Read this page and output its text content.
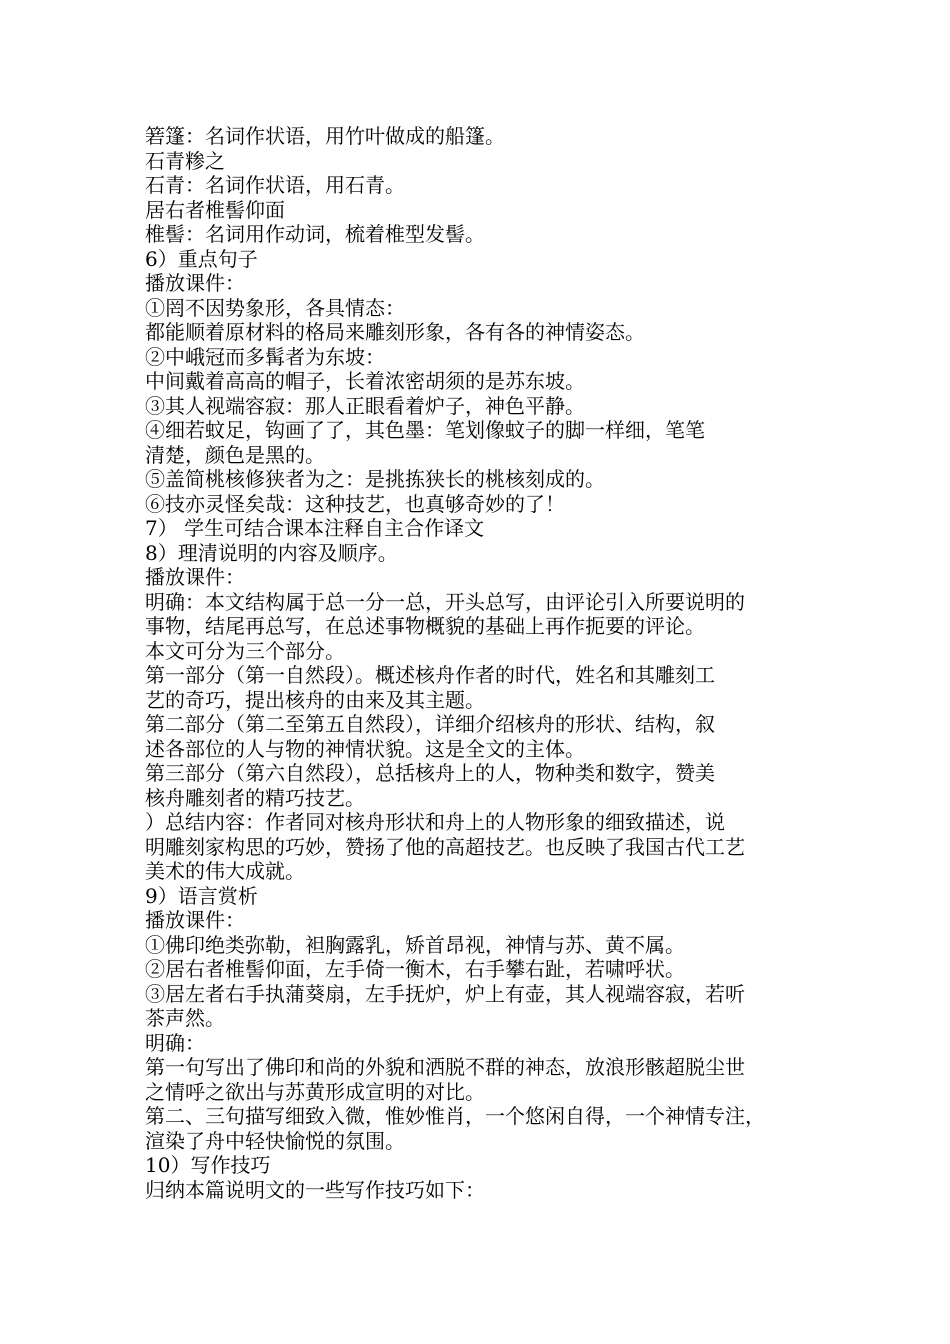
箬篷：名词作状语，用竹叶做成的船篷。
石青糁之
石青：名词作状语，用石青。
居右者椎髻仰面
椎髻：名词用作动词，梳着椎型发髻。
6）重点句子
播放课件：
①罔不因势象形，各具情态：
都能顺着原材料的格局来雕刻形象，各有各的神情姿态。
②中峨冠而多髯者为东坡：
中间戴着高高的帽子，长着浓密胡须的是苏东坡。
③其人视端容寂：那人正眼看着炉子，神色平静。
④细若蚊足，钩画了了，其色墨：笔划像蚊子的脚一样细，笔笔
清楚，颜色是黑的。
⑤盖简桃核修狭者为之：是挑拣狭长的桃核刻成的。
⑥技亦灵怪矣哉：这种技艺，也真够奇妙的了！
7） 学生可结合课本注释自主合作译文
8）理清说明的内容及顺序。
播放课件：
明确：本文结构属于总一分一总，开头总写，由评论引入所要说明的
事物，结尾再总写，在总述事物概貌的基础上再作扼要的评论。
本文可分为三个部分。
第一部分（第一自然段）。概述核舟作者的时代，姓名和其雕刻工
艺的奇巧，提出核舟的由来及其主题。
第二部分（第二至第五自然段），详细介绍核舟的形状、结构，叙
述各部位的人与物的神情状貌。这是全文的主体。
第三部分（第六自然段），总括核舟上的人，物种类和数字，赞美
核舟雕刻者的精巧技艺。
）总结内容：作者同对核舟形状和舟上的人物形象的细致描述，说
明雕刻家构思的巧妙，赞扬了他的高超技艺。也反映了我国古代工艺
美术的伟大成就。
9）语言赏析
播放课件：
①佛印绝类弥勒，袒胸露乳，矫首昂视，神情与苏、黄不属。
②居右者椎髻仰面，左手倚一衡木，右手攀右趾，若啸呼状。
③居左者右手执蒲葵扇，左手抚炉，炉上有壶，其人视端容寂，若听
茶声然。
明确：
第一句写出了佛印和尚的外貌和洒脱不群的神态，放浪形骸超脱尘世
之情呼之欲出与苏黄形成宣明的对比。
第二、三句描写细致入微，惟妙惟肖，一个悠闲自得，一个神情专注，
渲染了舟中轻快愉悦的氛围。
10）写作技巧
归纳本篇说明文的一些写作技巧如下：
